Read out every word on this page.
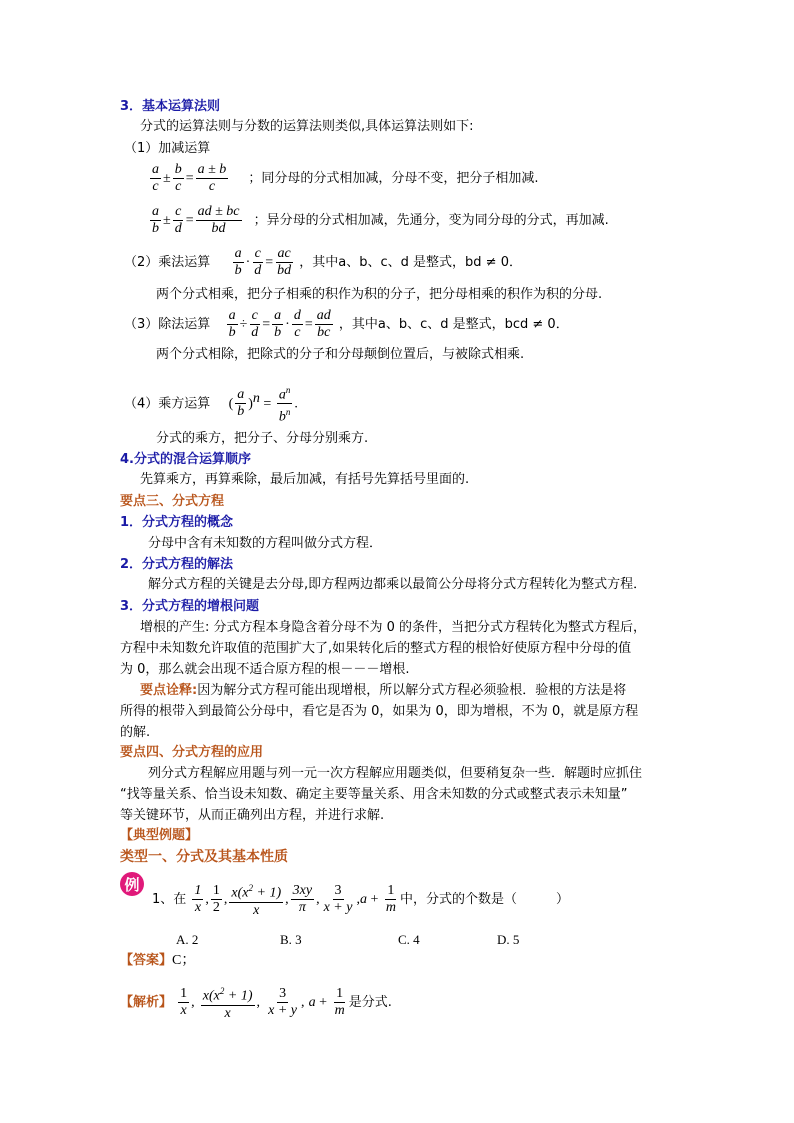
3．基本运算法则
分式的运算法则与分数的运算法则类似,具体运算法则如下:
（1）加减运算
$\frac{a}{c} \pm \frac{b}{c} = \frac{a \pm b}{c}$ ；同分母的分式相加减，分母不变，把分子相加减.
$\frac{a}{b} \pm \frac{c}{d} = \frac{ad \pm bc}{bd}$ ；异分母的分式相加减，先通分，变为同分母的分式，再加减.
（2）乘法运算 $\frac{a}{b} \cdot \frac{c}{d} = \frac{ac}{bd}$ ，其中a、b、c、d 是整式，bd ≠ 0．
两个分式相乘，把分子相乘的积作为积的分子，把分母相乘的积作为积的分母.
（3）除法运算 $\frac{a}{b} \div \frac{c}{d} = \frac{a}{b} \cdot \frac{d}{c} = \frac{ad}{bc}$ ，其中a、b、c、d 是整式，bcd ≠ 0．
两个分式相除，把除式的分子和分母颠倒位置后，与被除式相乘.
（4）乘方运算 ( $\frac{a}{b} )^n = \frac{a^n}{b^n}$ .
分式的乘方，把分子、分母分别乘方.
4.分式的混合运算顺序
先算乘方，再算乘除，最后加减，有括号先算括号里面的.
要点三、分式方程
1．分式方程的概念
分母中含有未知数的方程叫做分式方程．
2．分式方程的解法
解分式方程的关键是去分母,即方程两边都乘以最简公分母将分式方程转化为整式方程．
3．分式方程的增根问题
增根的产生: 分式方程本身隐含着分母不为 0 的条件，当把分式方程转化为整式方程后，
方程中未知数允许取值的范围扩大了,如果转化后的整式方程的根恰好使原方程中分母的值
为 0，那么就会出现不适合原方程的根－－－增根.
要点诠释:因为解分式方程可能出现增根，所以解分式方程必须验根．验根的方法是将
所得的根带入到最简公分母中，看它是否为 0，如果为 0，即为增根，不为 0，就是原方程
的解.
要点四、分式方程的应用
列分式方程解应用题与列一元一次方程解应用题类似，但要稍复杂一些．解题时应抓住
“找等量关系、恰当设未知数、确定主要等量关系、用含未知数的分式或整式表示未知量”
等关键环节，从而正确列出方程，并进行求解.
【典型例题】
类型一、分式及其基本性质
例
1、在 $\frac{1}{x}$ , $\frac{1}{2}$ , $\frac{x(x^2 + 1)}{x}$ , $\frac{3xy}{\pi}$ , $\frac{3}{x + y} ,a + \frac{1}{m}$ 中，分式的个数是（　　　）
A. 2	B. 3	C. 4	D. 5
【答案】C；
【解析】 $\frac{1}{x}$ , $\frac{x(x^2 + 1)}{x}$ , $\frac{3}{x + y}$ , $a + \frac{1}{m}$ 是分式.
